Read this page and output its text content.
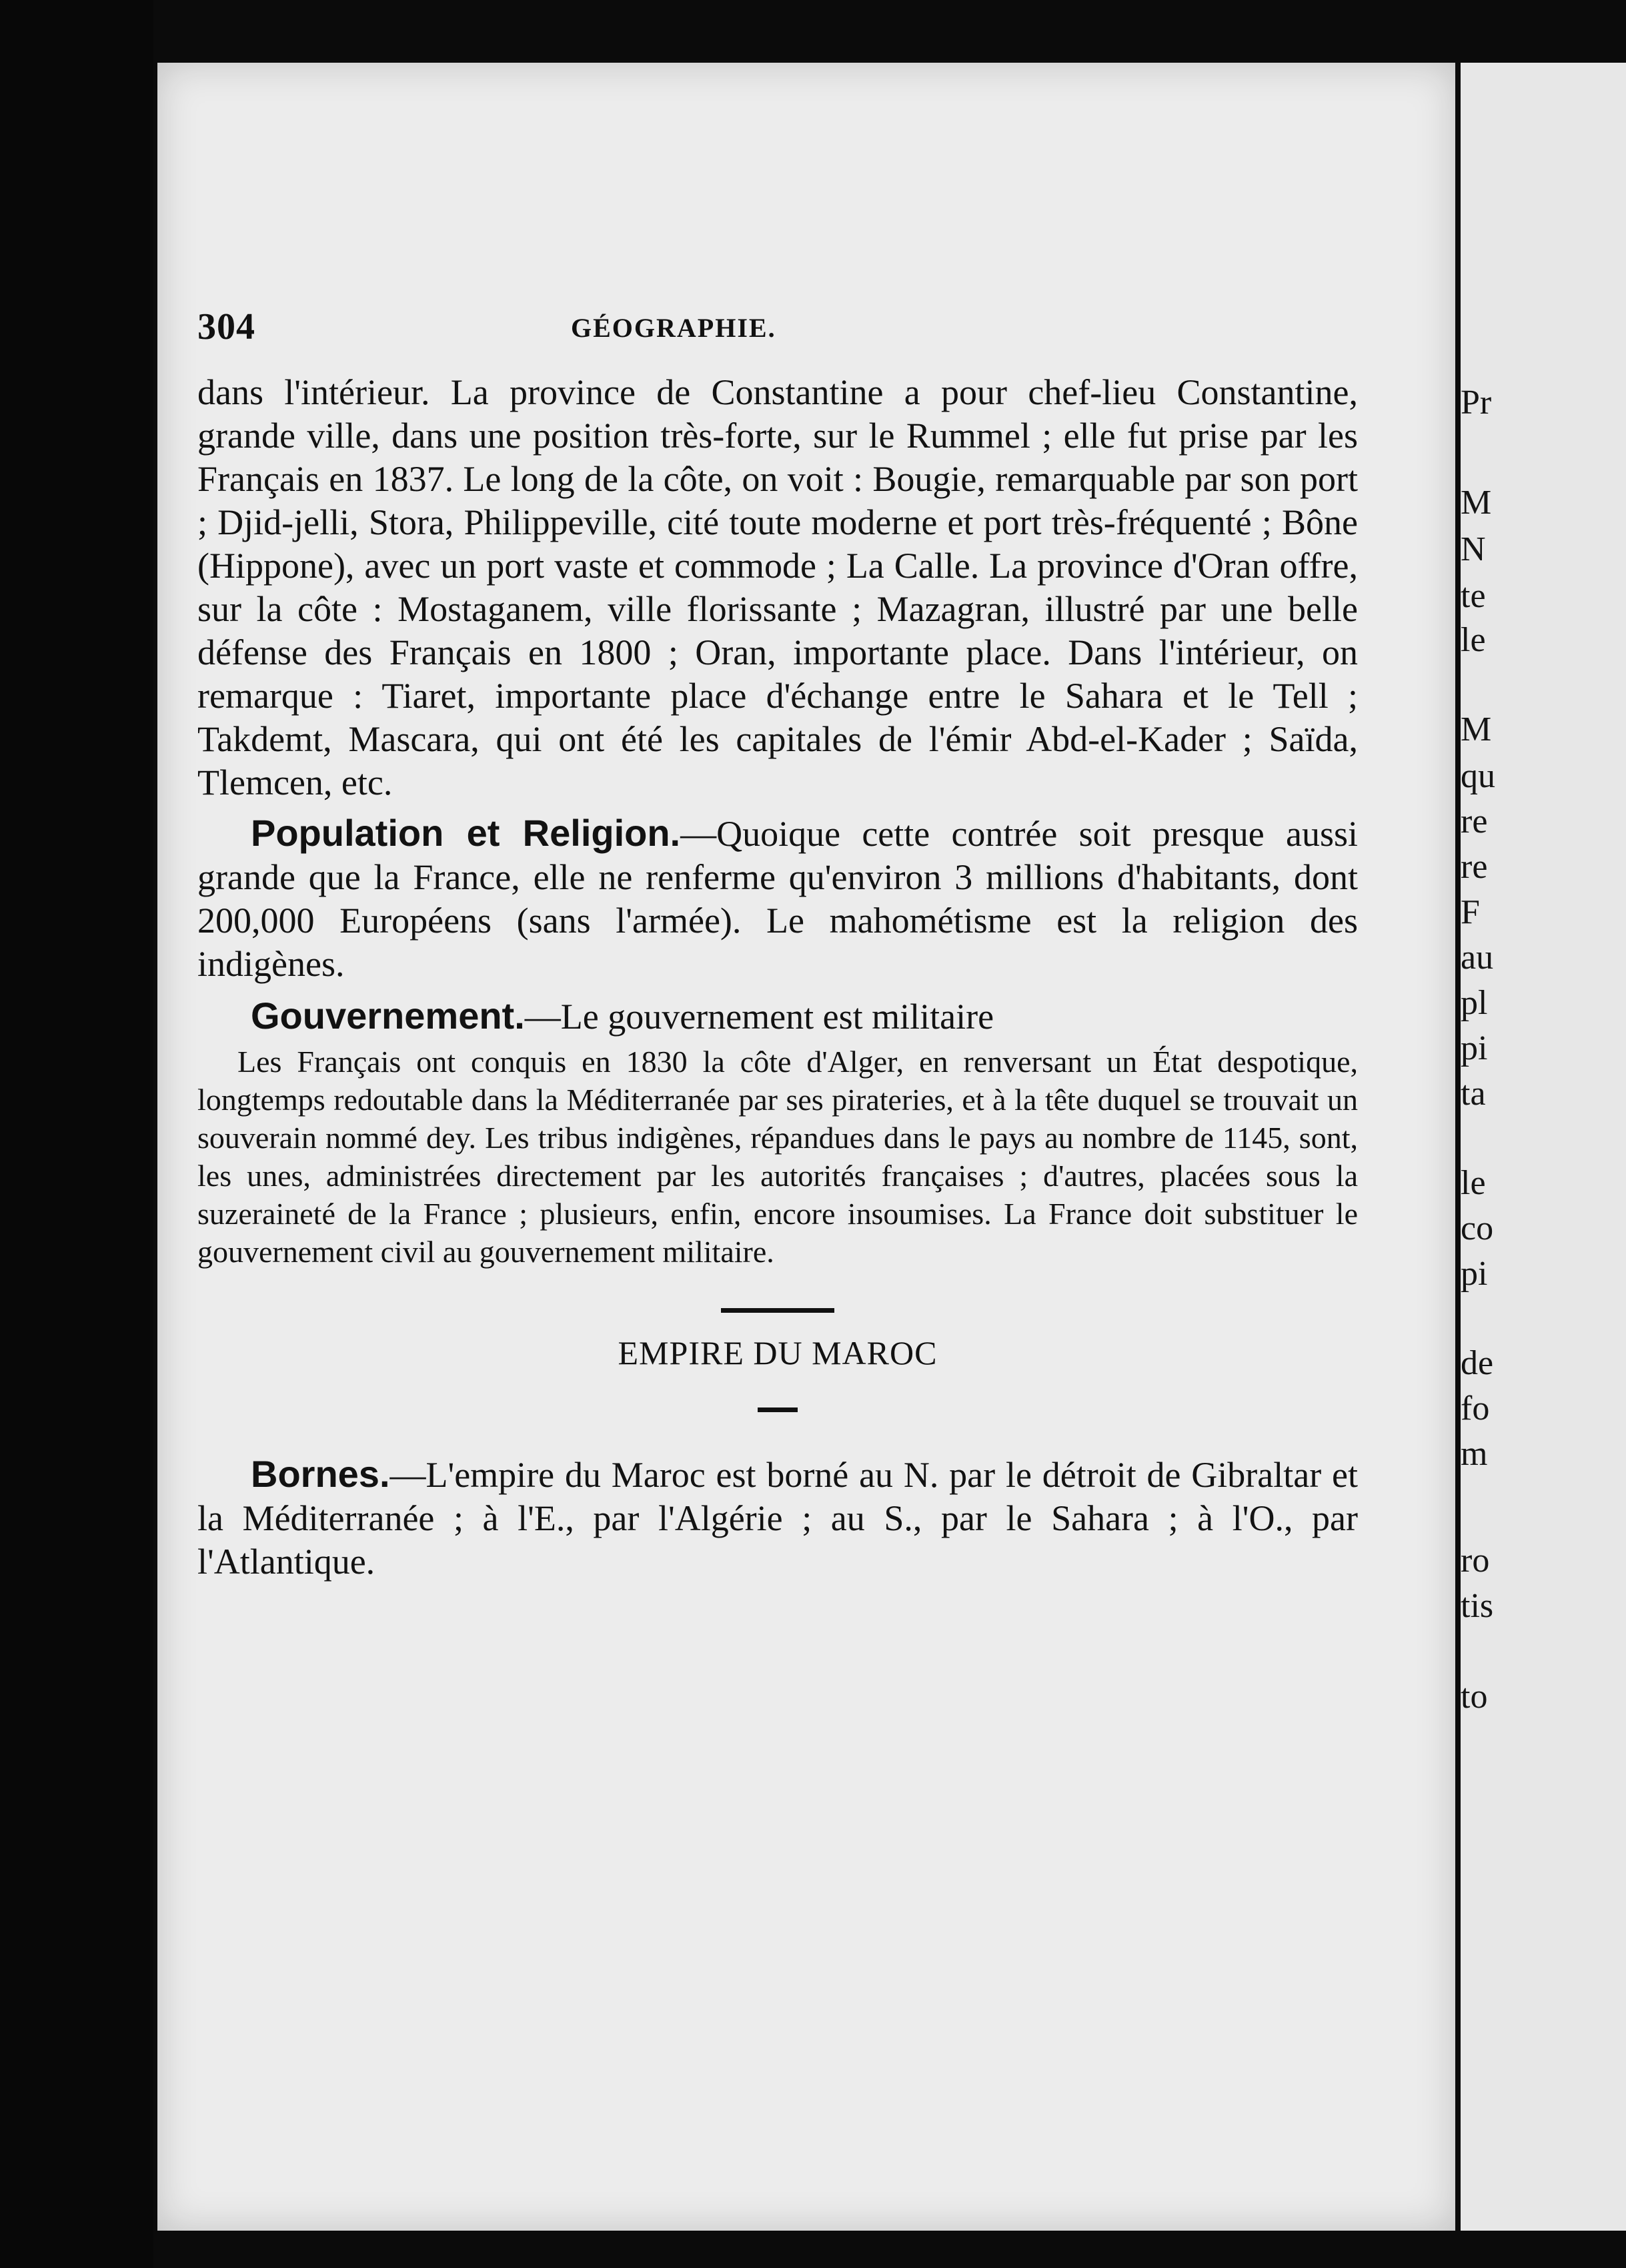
304	GÉOGRAPHIE.

dans l'intérieur. La province de Constantine a pour chef-lieu Constantine, grande ville, dans une position très-forte, sur le Rummel ; elle fut prise par les Français en 1837. Le long de la côte, on voit : Bougie, remarquable par son port ; Djid-jelli, Stora, Philippeville, cité toute moderne et port très-fréquenté ; Bône (Hippone), avec un port vaste et commode ; La Calle. La province d'Oran offre, sur la côte : Mostaganem, ville florissante ; Mazagran, illustré par une belle défense des Français en 1800 ; Oran, importante place. Dans l'intérieur, on remarque : Tiaret, importante place d'échange entre le Sahara et le Tell ; Takdemt, Mascara, qui ont été les capitales de l'émir Abd-el-Kader ; Saïda, Tlemcen, etc.

Population et Religion.—Quoique cette contrée soit presque aussi grande que la France, elle ne renferme qu'environ 3 millions d'habitants, dont 200,000 Européens (sans l'armée). Le mahométisme est la religion des indigènes.

Gouvernement.—Le gouvernement est militaire

Les Français ont conquis en 1830 la côte d'Alger, en renversant un État despotique, longtemps redoutable dans la Méditerranée par ses pirateries, et à la tête duquel se trouvait un souverain nommé dey. Les tribus indigènes, répandues dans le pays au nombre de 1145, sont, les unes, administrées directement par les autorités françaises ; d'autres, placées sous la suzeraineté de la France ; plusieurs, enfin, encore insoumises. La France doit substituer le gouvernement civil au gouvernement militaire.

EMPIRE DU MAROC

Bornes.—L'empire du Maroc est borné au N. par le détroit de Gibraltar et la Méditerranée ; à l'E., par l'Algérie ; au S., par le Sahara ; à l'O., par l'Atlantique.

Pr
M
N
te
le
M
qu
re
re
F
au
pl
pi
ta
le
co
pi
de
fo
m
ro
tis
to
